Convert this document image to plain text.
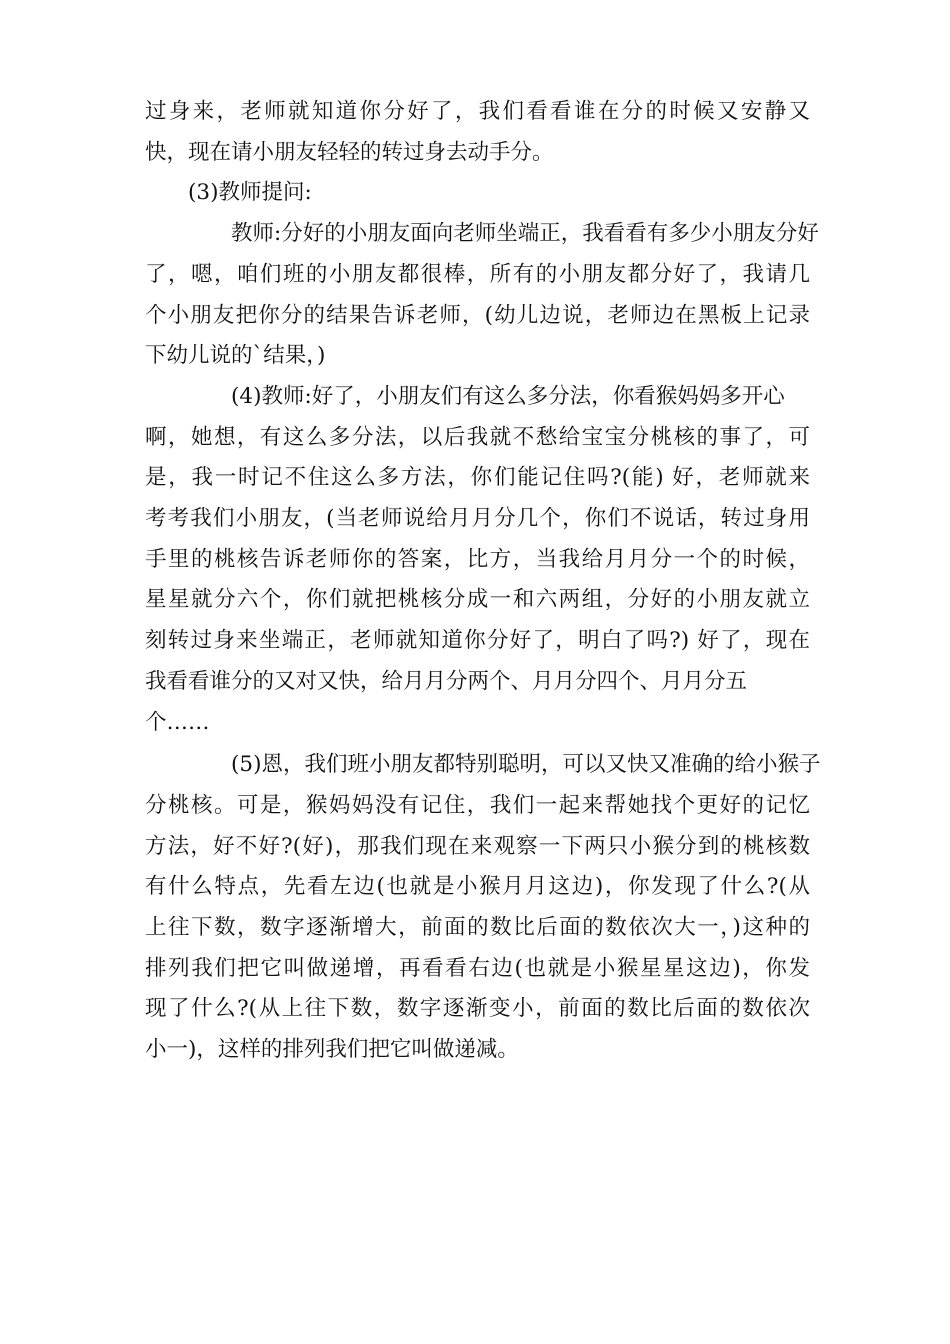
过身来，老师就知道你分好了，我们看看谁在分的时候又安静又
快，现在请小朋友轻轻的转过身去动手分。

(3)教师提问:

教师:分好的小朋友面向老师坐端正，我看看有多少小朋友分好
了，嗯，咱们班的小朋友都很棒，所有的小朋友都分好了，我请几
个小朋友把你分的结果告诉老师，(幼儿边说，老师边在黑板上记录
下幼儿说的`结果，)

(4)教师:好了，小朋友们有这么多分法，你看猴妈妈多开心
啊，她想，有这么多分法，以后我就不愁给宝宝分桃核的事了，可
是，我一时记不住这么多方法，你们能记住吗?(能) 好，老师就来
考考我们小朋友，(当老师说给月月分几个，你们不说话，转过身用
手里的桃核告诉老师你的答案，比方，当我给月月分一个的时候，
星星就分六个，你们就把桃核分成一和六两组，分好的小朋友就立
刻转过身来坐端正，老师就知道你分好了，明白了吗?) 好了，现在
我看看谁分的又对又快，给月月分两个、月月分四个、月月分五
个……

(5)恩，我们班小朋友都特别聪明，可以又快又准确的给小猴子
分桃核。可是，猴妈妈没有记住，我们一起来帮她找个更好的记忆
方法，好不好?(好)，那我们现在来观察一下两只小猴分到的桃核数
有什么特点，先看左边(也就是小猴月月这边)，你发现了什么?(从
上往下数，数字逐渐增大，前面的数比后面的数依次大一，)这种的
排列我们把它叫做递增，再看看右边(也就是小猴星星这边)，你发
现了什么?(从上往下数，数字逐渐变小，前面的数比后面的数依次
小一)，这样的排列我们把它叫做递减。
